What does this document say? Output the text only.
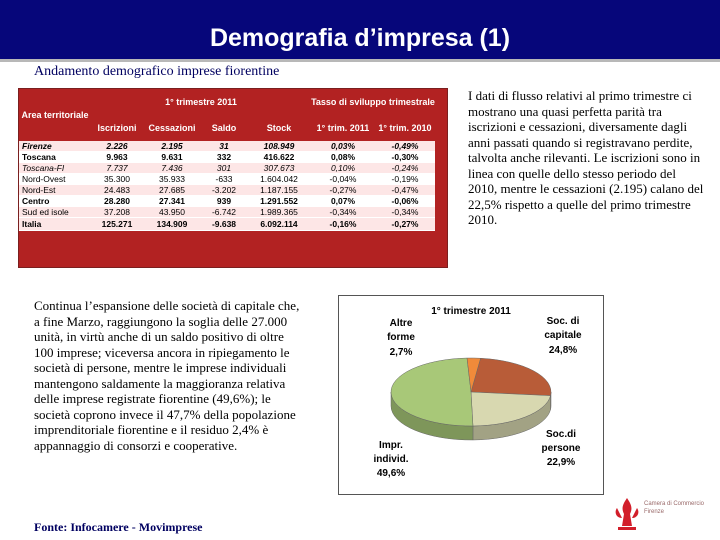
Demografia d’impresa (1)
Andamento demografico imprese fiorentine
Area territoriale	1° trimestre 2011				Tasso di sviluppo trimestrale	
	Iscrizioni	Cessazioni	Saldo	Stock	1° trim. 2011	1° trim. 2010
Firenze	2.226	2.195	31	108.949	0,03%	-0,49%
Toscana	9.963	9.631	332	416.622	0,08%	-0,30%
Toscana-FI	7.737	7.436	301	307.673	0,10%	-0,24%
Nord-Ovest	35.300	35.933	-633	1.604.042	-0,04%	-0,19%
Nord-Est	24.483	27.685	-3.202	1.187.155	-0,27%	-0,47%
Centro	28.280	27.341	939	1.291.552	0,07%	-0,06%
Sud ed isole	37.208	43.950	-6.742	1.989.365	-0,34%	-0,34%
Italia	125.271	134.909	-9.638	6.092.114	-0,16%	-0,27%
I dati di flusso relativi al primo trimestre ci mostrano una quasi perfetta parità tra iscrizioni e cessazioni, diversamente dagli anni passati quando si registravano perdite, talvolta anche rilevanti. Le iscrizioni sono in linea con quelle dello stesso periodo del 2010, mentre le cessazioni (2.195) calano del 22,5% rispetto a quelle del primo trimestre 2010.
Continua l’espansione delle società di capitale che, a fine Marzo, raggiungono la soglia delle 27.000 unità, in virtù anche di un saldo positivo di oltre 100 imprese; viceversa ancora in ripiegamento le società di persone, mentre le imprese individuali mantengono saldamente la maggioranza relativa delle imprese registrate fiorentine (49,6%); le società coprono invece il 47,7% della popolazione imprenditoriale fiorentine e il residuo 2,4% è appannaggio di consorzi e cooperative.
1° trimestre 2011
Soc. di
capitale
24,8%
Soc.di
persone
22,9%
Impr.
individ.
49,6%
Altre
forme
2,7%
Fonte: Infocamere - Movimprese
Camera di Commercio
Firenze
